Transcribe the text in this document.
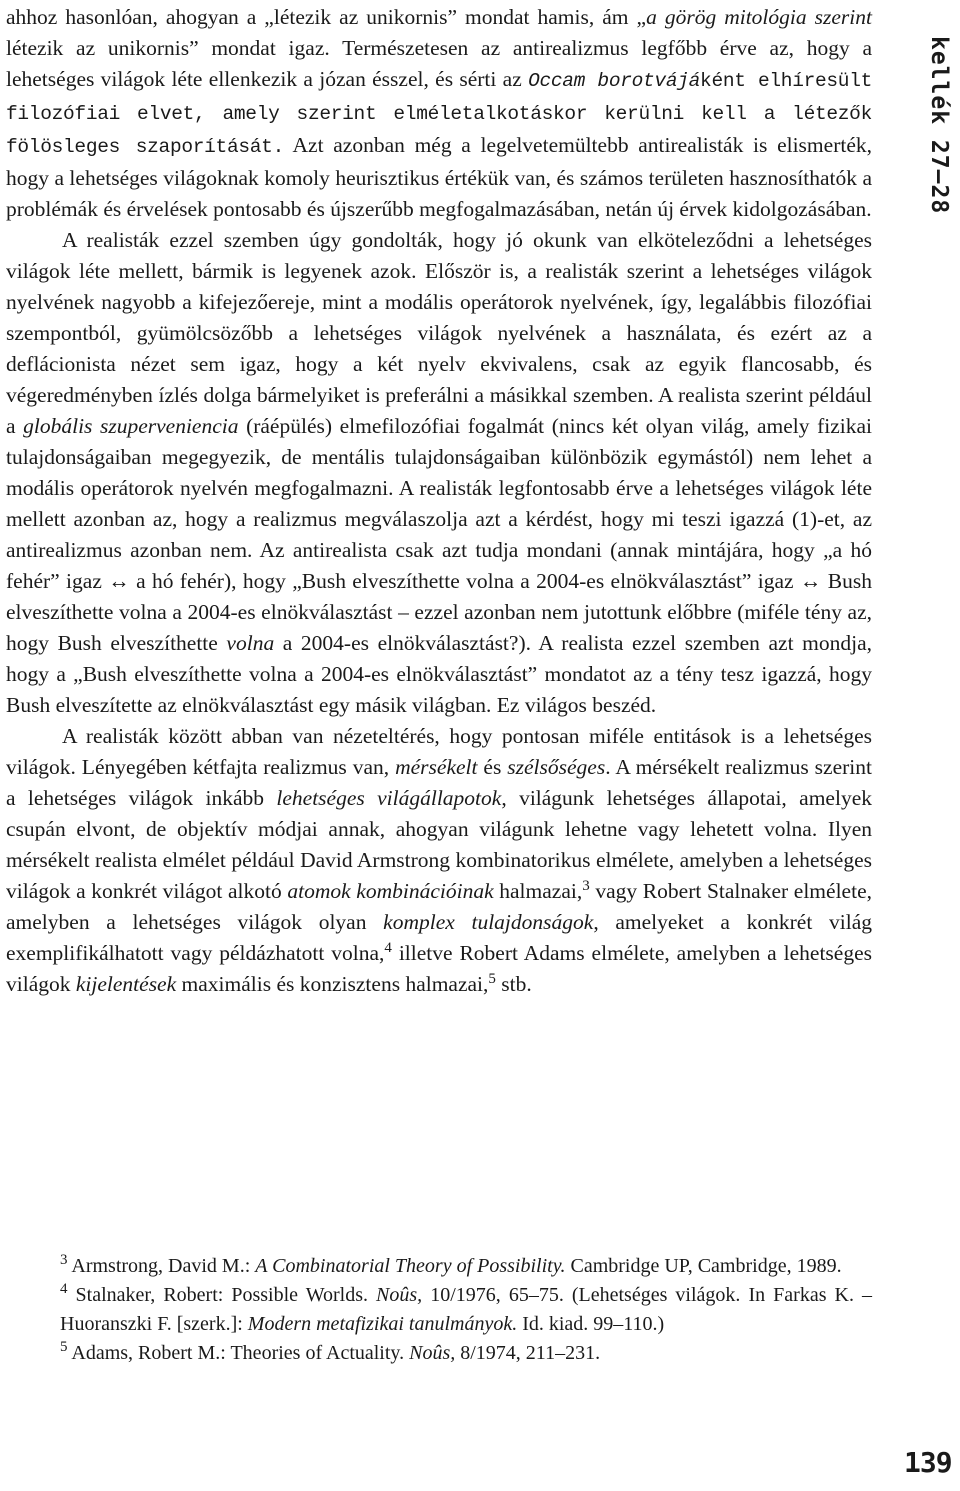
kellék 27–28

ahhoz hasonlóan, ahogyan a „létezik az unikornis” mondat hamis, ám „a görög mitológia szerint létezik az unikornis” mondat igaz. Természetesen az antirealizmus legfőbb érve az, hogy a lehetséges világok léte ellenkezik a józan ésszel, és sérti az Occam borotvájáként elhíresült filozófiai elvet, amely szerint elméletalkotáskor kerülni kell a létezők fölösleges szaporítását. Azt azonban még a legelvetemültebb antirealisták is elismerték, hogy a lehetséges világoknak komoly heurisztikus értékük van, és számos területen hasznosíthatók a problémák és érvelések pontosabb és újszerűbb megfogalmazásában, netán új érvek kidolgozásában.

A realisták ezzel szemben úgy gondolták, hogy jó okunk van elköteleződni a lehetséges világok léte mellett, bármik is legyenek azok. Először is, a realisták szerint a lehetséges világok nyelvének nagyobb a kifejezőereje, mint a modális operátorok nyelvének, így, legalábbis filozófiai szempontból, gyümölcsözőbb a lehetséges világok nyelvének a használata, és ezért az a deflácionista nézet sem igaz, hogy a két nyelv ekvivalens, csak az egyik flancosabb, és végeredményben ízlés dolga bármelyiket is preferálni a másikkal szemben. A realista szerint például a globális szupervenienciа (ráépülés) elmefilozófiai fogalmát (nincs két olyan világ, amely fizikai tulajdonságaiban megegyezik, de mentális tulajdonságaiban különbözik egymástól) nem lehet a modális operátorok nyelvén megfogalmazni. A realisták legfontosabb érve a lehetséges világok léte mellett azonban az, hogy a realizmus megválaszolja azt a kérdést, hogy mi teszi igazzá (1)-et, az antirealizmus azonban nem. Az antirealista csak azt tudja mondani (annak mintájára, hogy „a hó fehér” igaz ↔ a hó fehér), hogy „Bush elveszíthette volna a 2004-es elnökválasztást” igaz ↔ Bush elveszíthette volna a 2004-es elnökválasztást – ezzel azonban nem jutottunk előbbre (miféle tény az, hogy Bush elveszíthette volna a 2004-es elnökválasztást?). A realista ezzel szemben azt mondja, hogy a „Bush elveszíthette volna a 2004-es elnökválasztást” mondatot az a tény tesz igazzá, hogy Bush elveszítette az elnökválasztást egy másik világban. Ez világos beszéd.

A realisták között abban van nézeteltérés, hogy pontosan miféle entitások is a lehetséges világok. Lényegében kétfajta realizmus van, mérsékelt és szélsőséges. A mérsékelt realizmus szerint a lehetséges világok inkább lehetséges világállapotok, világunk lehetséges állapotai, amelyek csupán elvont, de objektív módjai annak, ahogyan világunk lehetne vagy lehetett volna. Ilyen mérsékelt realista elmélet például David Armstrong kombinatorikus elmélete, amelyben a lehetséges világok a konkrét világot alkotó atomok kombinációinak halmazai,$^3$ vagy Robert Stalnaker elmélete, amelyben a lehetséges világok olyan komplex tulajdonságok, amelyeket a konkrét világ exemplifikálhatott vagy példázhatott volna,$^4$ illetve Robert Adams elmélete, amelyben a lehetséges világok kijelentések maximális és konzisztens halmazai,$^5$ stb.

$^3$ Armstrong, David M.: A Combinatorial Theory of Possibility. Cambridge UP, Cambridge, 1989.

$^4$ Stalnaker, Robert: Possible Worlds. Noûs, 10/1976, 65–75. (Lehetséges világok. In Farkas K. – Huoranszki F. [szerk.]: Modern metafizikai tanulmányok. Id. kiad. 99–110.)

$^5$ Adams, Robert M.: Theories of Actuality. Noûs, 8/1974, 211–231.

139
